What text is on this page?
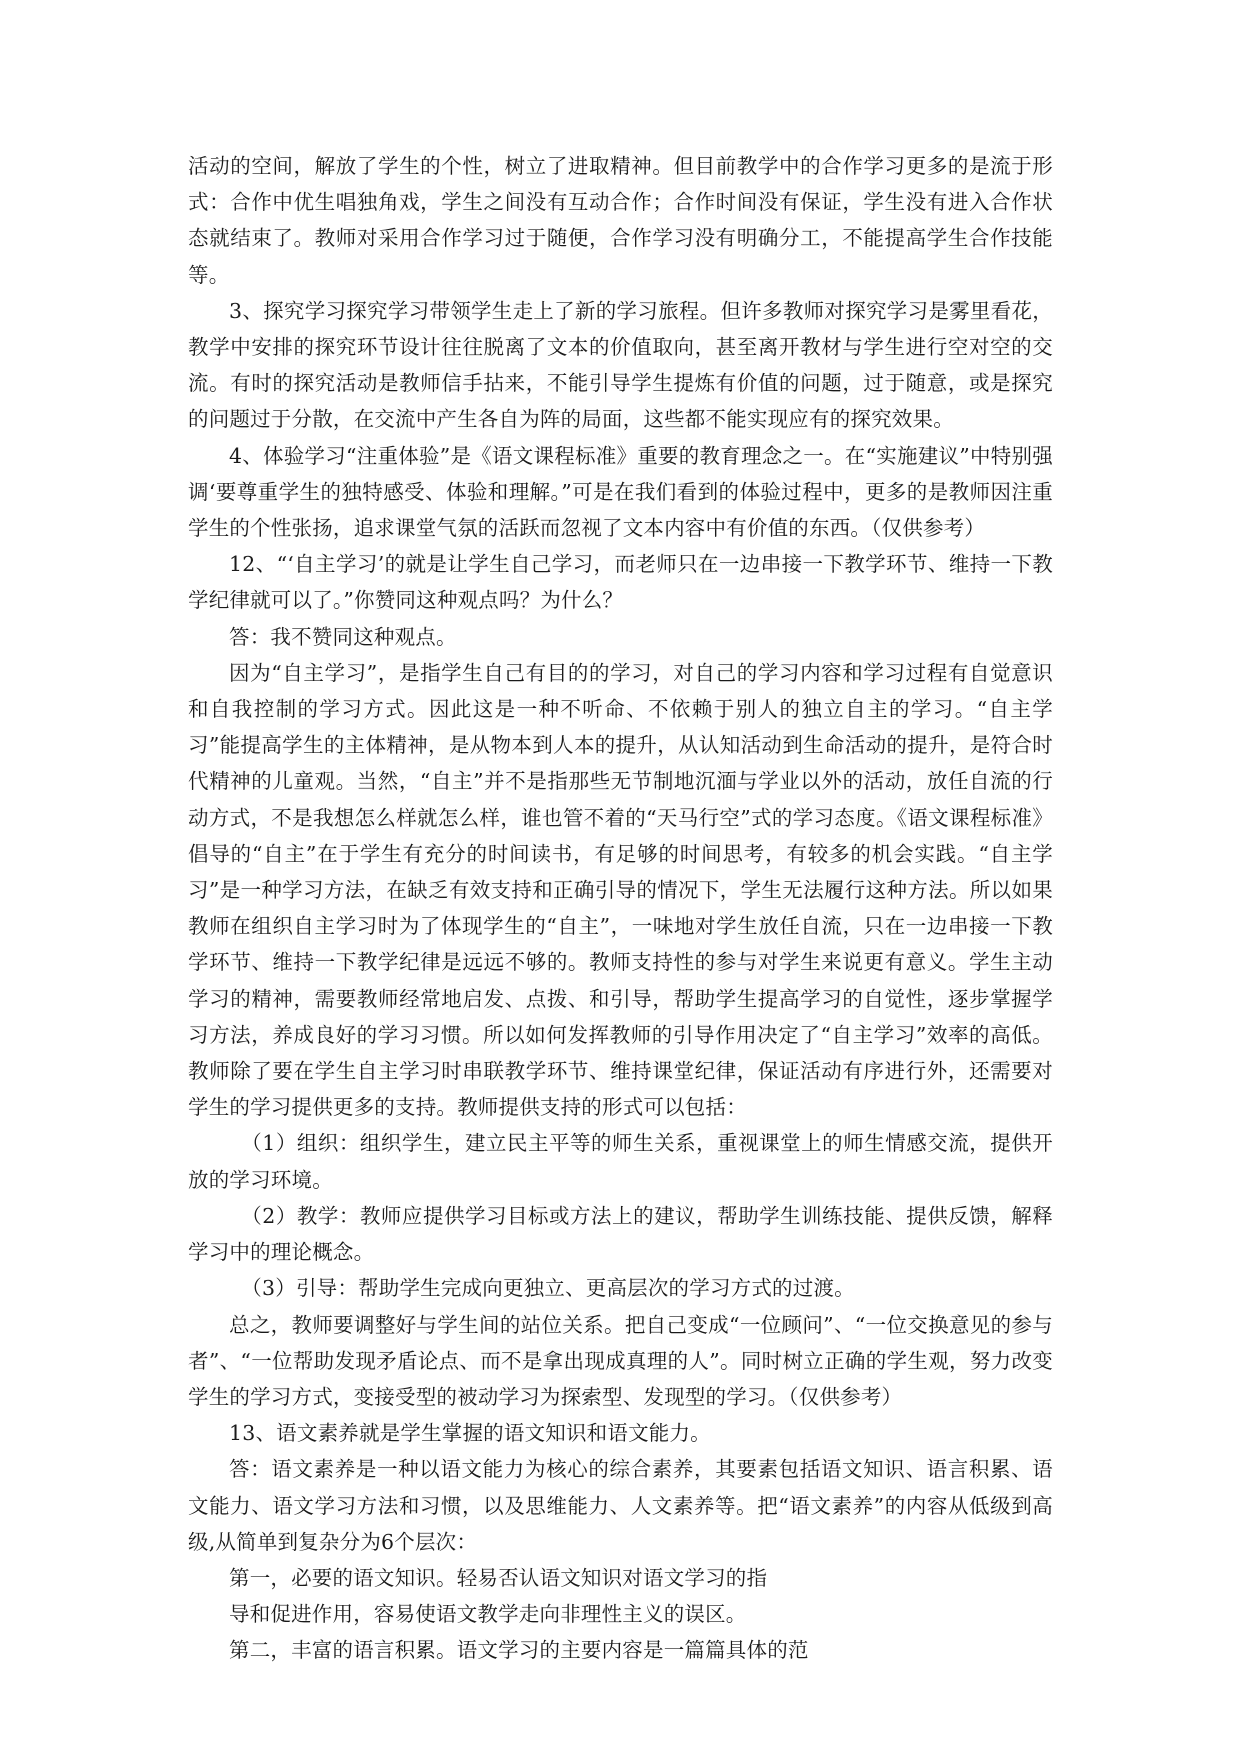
活动的空间，解放了学生的个性，树立了进取精神。但目前教学中的合作学习更多的是流于形式：合作中优生唱独角戏，学生之间没有互动合作；合作时间没有保证，学生没有进入合作状态就结束了。教师对采用合作学习过于随便，合作学习没有明确分工，不能提高学生合作技能等。

3、探究学习探究学习带领学生走上了新的学习旅程。但许多教师对探究学习是雾里看花，教学中安排的探究环节设计往往脱离了文本的价值取向，甚至离开教材与学生进行空对空的交流。有时的探究活动是教师信手拈来，不能引导学生提炼有价值的问题，过于随意，或是探究的问题过于分散，在交流中产生各自为阵的局面，这些都不能实现应有的探究效果。

4、体验学习“注重体验”是《语文课程标准》重要的教育理念之一。在“实施建议”中特别强调‘要尊重学生的独特感受、体验和理解。”可是在我们看到的体验过程中，更多的是教师因注重学生的个性张扬，追求课堂气氛的活跃而忽视了文本内容中有价值的东西。（仅供参考）

12、“‘自主学习’的就是让学生自己学习，而老师只在一边串接一下教学环节、维持一下教学纪律就可以了。”你赞同这种观点吗？为什么？

答：我不赞同这种观点。

因为“自主学习”，是指学生自己有目的的学习，对自己的学习内容和学习过程有自觉意识和自我控制的学习方式。因此这是一种不听命、不依赖于别人的独立自主的学习。“自主学习”能提高学生的主体精神，是从物本到人本的提升，从认知活动到生命活动的提升，是符合时代精神的儿童观。当然，“自主”并不是指那些无节制地沉湎与学业以外的活动，放任自流的行动方式，不是我想怎么样就怎么样，谁也管不着的“天马行空”式的学习态度。《语文课程标准》倡导的“自主”在于学生有充分的时间读书，有足够的时间思考，有较多的机会实践。“自主学习”是一种学习方法，在缺乏有效支持和正确引导的情况下，学生无法履行这种方法。所以如果教师在组织自主学习时为了体现学生的“自主”，一味地对学生放任自流，只在一边串接一下教学环节、维持一下教学纪律是远远不够的。教师支持性的参与对学生来说更有意义。学生主动学习的精神，需要教师经常地启发、点拨、和引导，帮助学生提高学习的自觉性，逐步掌握学习方法，养成良好的学习习惯。所以如何发挥教师的引导作用决定了“自主学习”效率的高低。教师除了要在学生自主学习时串联教学环节、维持课堂纪律，保证活动有序进行外，还需要对学生的学习提供更多的支持。教师提供支持的形式可以包括：

（1）组织：组织学生，建立民主平等的师生关系，重视课堂上的师生情感交流，提供开放的学习环境。

（2）教学：教师应提供学习目标或方法上的建议，帮助学生训练技能、提供反馈，解释学习中的理论概念。

（3）引导：帮助学生完成向更独立、更高层次的学习方式的过渡。

总之，教师要调整好与学生间的站位关系。把自己变成“一位顾问”、“一位交换意见的参与者”、“一位帮助发现矛盾论点、而不是拿出现成真理的人”。同时树立正确的学生观，努力改变学生的学习方式，变接受型的被动学习为探索型、发现型的学习。（仅供参考）

13、语文素养就是学生掌握的语文知识和语文能力。

答：语文素养是一种以语文能力为核心的综合素养，其要素包括语文知识、语言积累、语文能力、语文学习方法和习惯，以及思维能力、人文素养等。把“语文素养”的内容从低级到高级,从简单到复杂分为6个层次：

第一，必要的语文知识。轻易否认语文知识对语文学习的指

导和促进作用，容易使语文教学走向非理性主义的误区。

第二，丰富的语言积累。语文学习的主要内容是一篇篇具体的范
